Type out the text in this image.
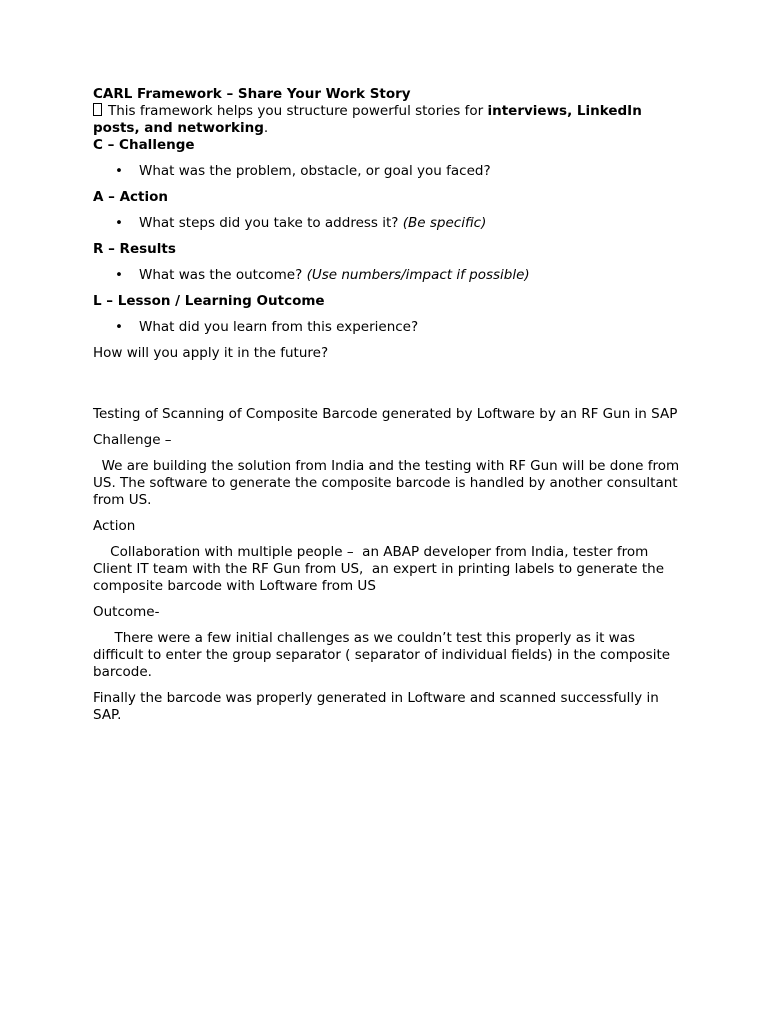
CARL Framework – Share Your Work Story

This framework helps you structure powerful stories for interviews, LinkedIn posts, and networking.

C – Challenge

• What was the problem, obstacle, or goal you faced?

A – Action

• What steps did you take to address it? (Be specific)

R – Results

• What was the outcome? (Use numbers/impact if possible)

L – Lesson / Learning Outcome

• What did you learn from this experience?

How will you apply it in the future?

Testing of Scanning of Composite Barcode generated by Loftware by an RF Gun in SAP

Challenge –

We are building the solution from India and the testing with RF Gun will be done from US. The software to generate the composite barcode is handled by another consultant from US.

Action

Collaboration with multiple people –  an ABAP developer from India, tester from Client IT team with the RF Gun from US,  an expert in printing labels to generate the composite barcode with Loftware from US

Outcome-

There were a few initial challenges as we couldn’t test this properly as it was difficult to enter the group separator ( separator of individual fields) in the composite barcode.

Finally the barcode was properly generated in Loftware and scanned successfully in SAP.
